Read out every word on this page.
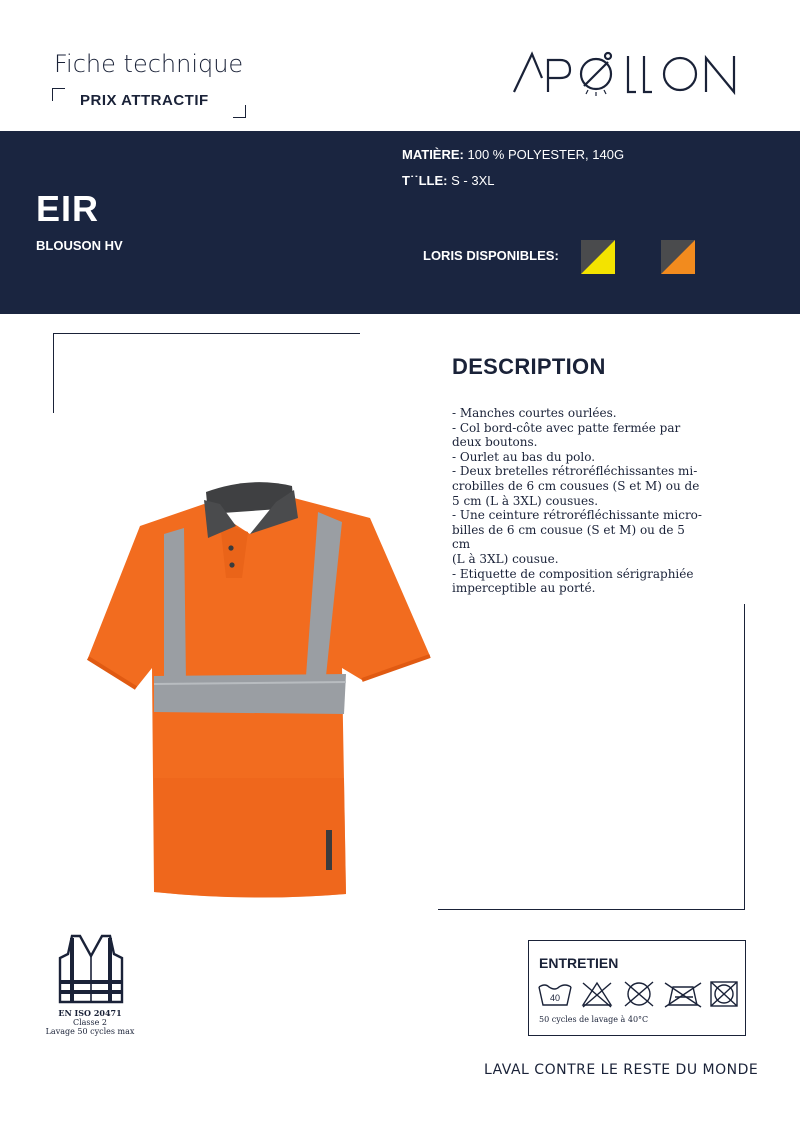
Fiche technique
PRIX ATTRACTIF
EIR
BLOUSON HV
MATIÈRE: 100 % POLYESTER, 140G
T˙˙LLE: S - 3XL
LORIS DISPONIBLES:
DESCRIPTION
- Manches courtes ourlées.
- Col bord-côte avec patte fermée par
deux boutons.
- Ourlet au bas du polo.
- Deux bretelles rétroréfléchissantes mi-
crobilles de 6 cm cousues (S et M) ou de
5 cm (L à 3XL) cousues.
- Une ceinture rétroréfléchissante micro-
billes de 6 cm cousue (S et M) ou de 5 cm
(L à 3XL) cousue.
- Etiquette de composition sérigraphiée
imperceptible au porté.
EN ISO 20471
Classe 2
Lavage 50 cycles max
ENTRETIEN
40
50 cycles de lavage à 40°C
LAVAL CONTRE LE RESTE DU MONDE
